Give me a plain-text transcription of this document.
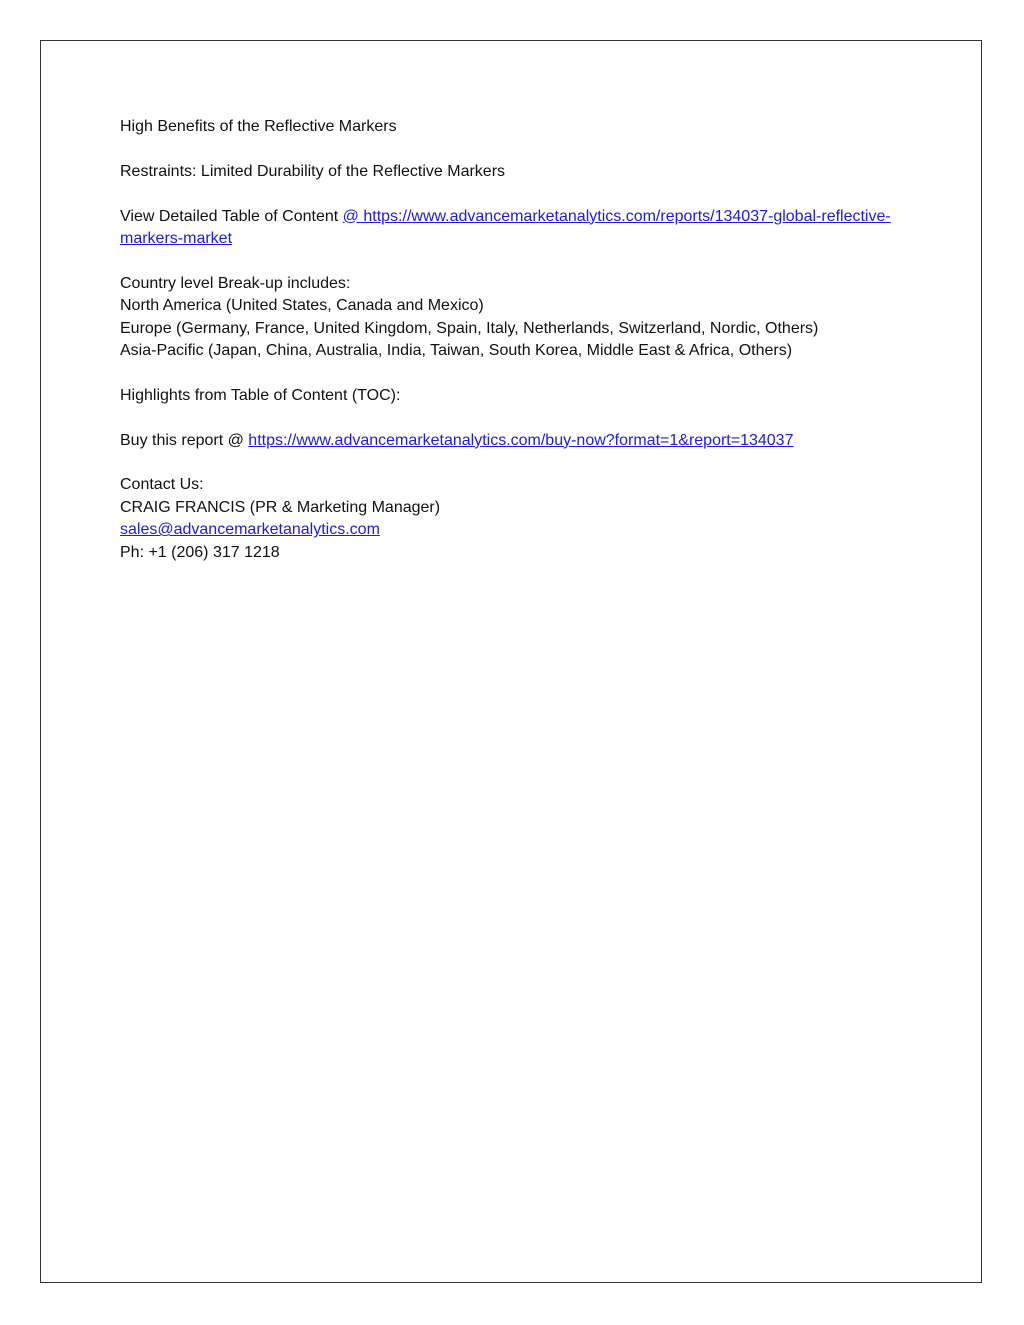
High Benefits of the Reflective Markers

Restraints: Limited Durability of the Reflective Markers

View Detailed Table of Content @ https://www.advancemarketanalytics.com/reports/134037-global-reflective-markers-market

Country level Break-up includes:
North America (United States, Canada and Mexico)
Europe (Germany, France, United Kingdom, Spain, Italy, Netherlands, Switzerland, Nordic, Others)
Asia-Pacific (Japan, China, Australia, India, Taiwan, South Korea, Middle East & Africa, Others)

Highlights from Table of Content (TOC):

Buy this report @ https://www.advancemarketanalytics.com/buy-now?format=1&report=134037

Contact Us:
CRAIG FRANCIS (PR & Marketing Manager)
sales@advancemarketanalytics.com
Ph: +1 (206) 317 1218
